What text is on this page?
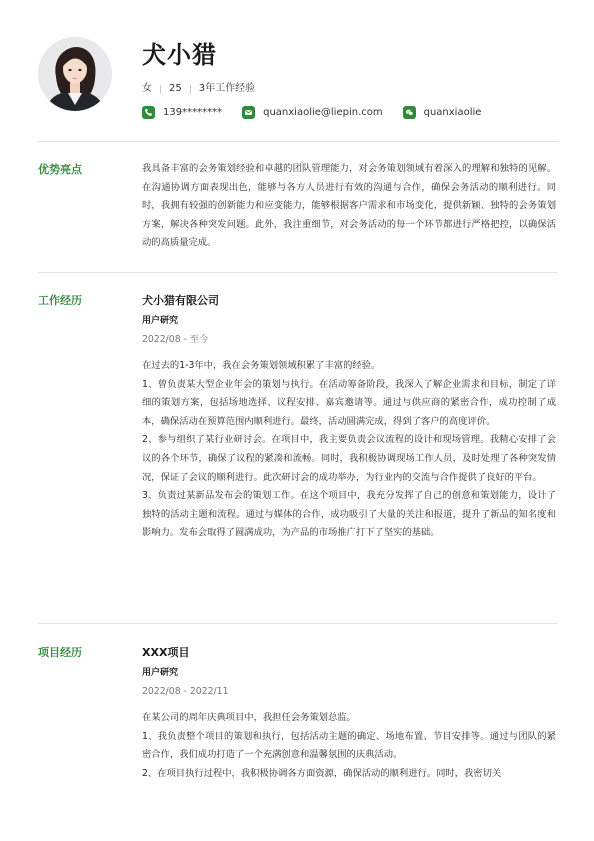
犬小猎
女 25 3年工作经验
139********	quanxiaolie@liepin.com	quanxiaolie
优势亮点	我具备丰富的会务策划经验和卓越的团队管理能力，对会务策划领域有着深入的理解和独特的见解。在沟通协调方面表现出色，能够与各方人员进行有效的沟通与合作，确保会务活动的顺利进行。同时，我拥有较强的创新能力和应变能力，能够根据客户需求和市场变化，提供新颖、独特的会务策划方案，解决各种突发问题。此外，我注重细节，对会务活动的每一个环节都进行严格把控，以确保活动的高质量完成。

工作经历	犬小猎有限公司
用户研究
2022/08 - 至今

在过去的1-3年中，我在会务策划领域积累了丰富的经验。

1、曾负责某大型企业年会的策划与执行。在活动筹备阶段，我深入了解企业需求和目标，制定了详细的策划方案，包括场地选择、议程安排、嘉宾邀请等。通过与供应商的紧密合作，成功控制了成本，确保活动在预算范围内顺利进行。最终，活动圆满完成，得到了客户的高度评价。

2、参与组织了某行业研讨会。在项目中，我主要负责会议流程的设计和现场管理。我精心安排了会议的各个环节，确保了议程的紧凑和流畅。同时，我积极协调现场工作人员，及时处理了各种突发情况，保证了会议的顺利进行。此次研讨会的成功举办，为行业内的交流与合作提供了良好的平台。

3、负责过某新品发布会的策划工作。在这个项目中，我充分发挥了自己的创意和策划能力，设计了独特的活动主题和流程。通过与媒体的合作，成功吸引了大量的关注和报道，提升了新品的知名度和影响力。发布会取得了圆满成功，为产品的市场推广打下了坚实的基础。

项目经历	XXX项目
用户研究
2022/08 - 2022/11

在某公司的周年庆典项目中，我担任会务策划总监。

1、我负责整个项目的策划和执行，包括活动主题的确定、场地布置、节目安排等。通过与团队的紧密合作，我们成功打造了一个充满创意和温馨氛围的庆典活动。

2、在项目执行过程中，我积极协调各方面资源，确保活动的顺利进行。同时，我密切关
